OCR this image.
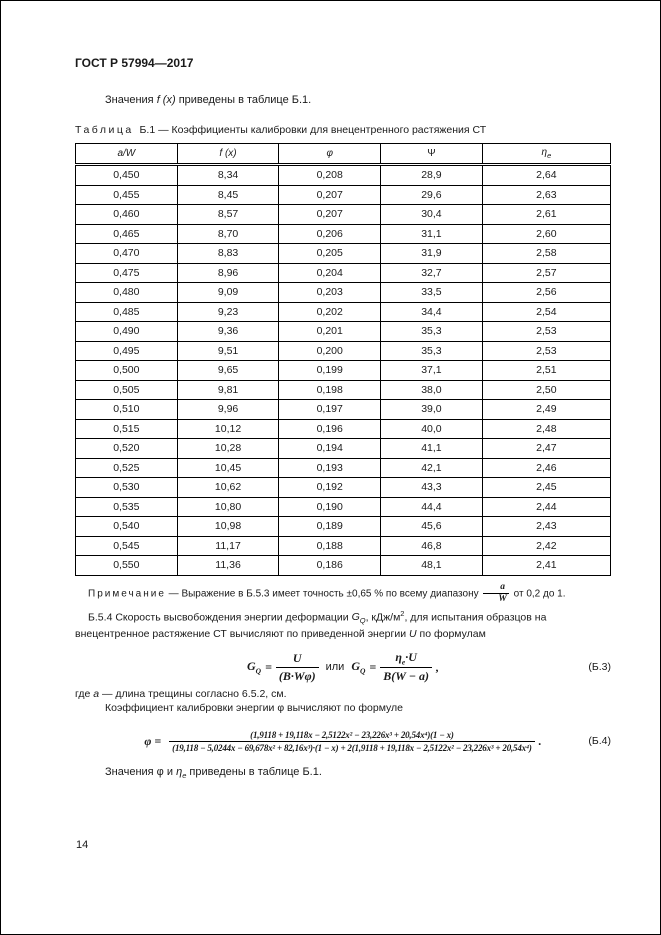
ГОСТ Р 57994—2017

Значения f (x) приведены в таблице Б.1.

Таблица Б.1 — Коэффициенты калибровки для внецентренного растяжения СТ

a/W	f (x)	φ	Ψ	$\eta_e$
0,450	8,34	0,208	28,9	2,64
0,455	8,45	0,207	29,6	2,63
0,460	8,57	0,207	30,4	2,61
0,465	8,70	0,206	31,1	2,60
0,470	8,83	0,205	31,9	2,58
0,475	8,96	0,204	32,7	2,57
0,480	9,09	0,203	33,5	2,56
0,485	9,23	0,202	34,4	2,54
0,490	9,36	0,201	35,3	2,53
0,495	9,51	0,200	35,3	2,53
0,500	9,65	0,199	37,1	2,51
0,505	9,81	0,198	38,0	2,50
0,510	9,96	0,197	39,0	2,49
0,515	10,12	0,196	40,0	2,48
0,520	10,28	0,194	41,1	2,47
0,525	10,45	0,193	42,1	2,46
0,530	10,62	0,192	43,3	2,45
0,535	10,80	0,190	44,4	2,44
0,540	10,98	0,189	45,6	2,43
0,545	11,17	0,188	46,8	2,42
0,550	11,36	0,186	48,1	2,41

Примечание — Выражение в Б.5.3 имеет точность ±0,65 % по всему диапазону $\frac{a}{W}$ от 0,2 до 1.

Б.5.4 Скорость высвобождения энергии деформации $G_Q$, кДж/$м^2$, для испытания образцов на внецентренное растяжение СТ вычисляют по приведенной энергии U по формулам

$G_Q = \frac{U}{(B\cdot W\varphi)}$ или $G_Q = \frac{\eta_e\cdot U}{B(W - a)}$ ,	(Б.3)

где a — длина трещины согласно 6.5.2, см.

Коэффициент калибровки энергии φ вычисляют по формуле

φ =	(1,9118 + 19,118x − 2,5122x² − 23,226x³ + 20,54x⁴)(1 − x)
(19,118 − 5,0244x − 69,678x² + 82,16x³)·(1 − x) + 2(1,9118 + 19,118x − 2,5122x² − 23,226x³ + 20,54x⁴) .	(Б.4)

Значения φ и $\eta_e$ приведены в таблице Б.1.

14
